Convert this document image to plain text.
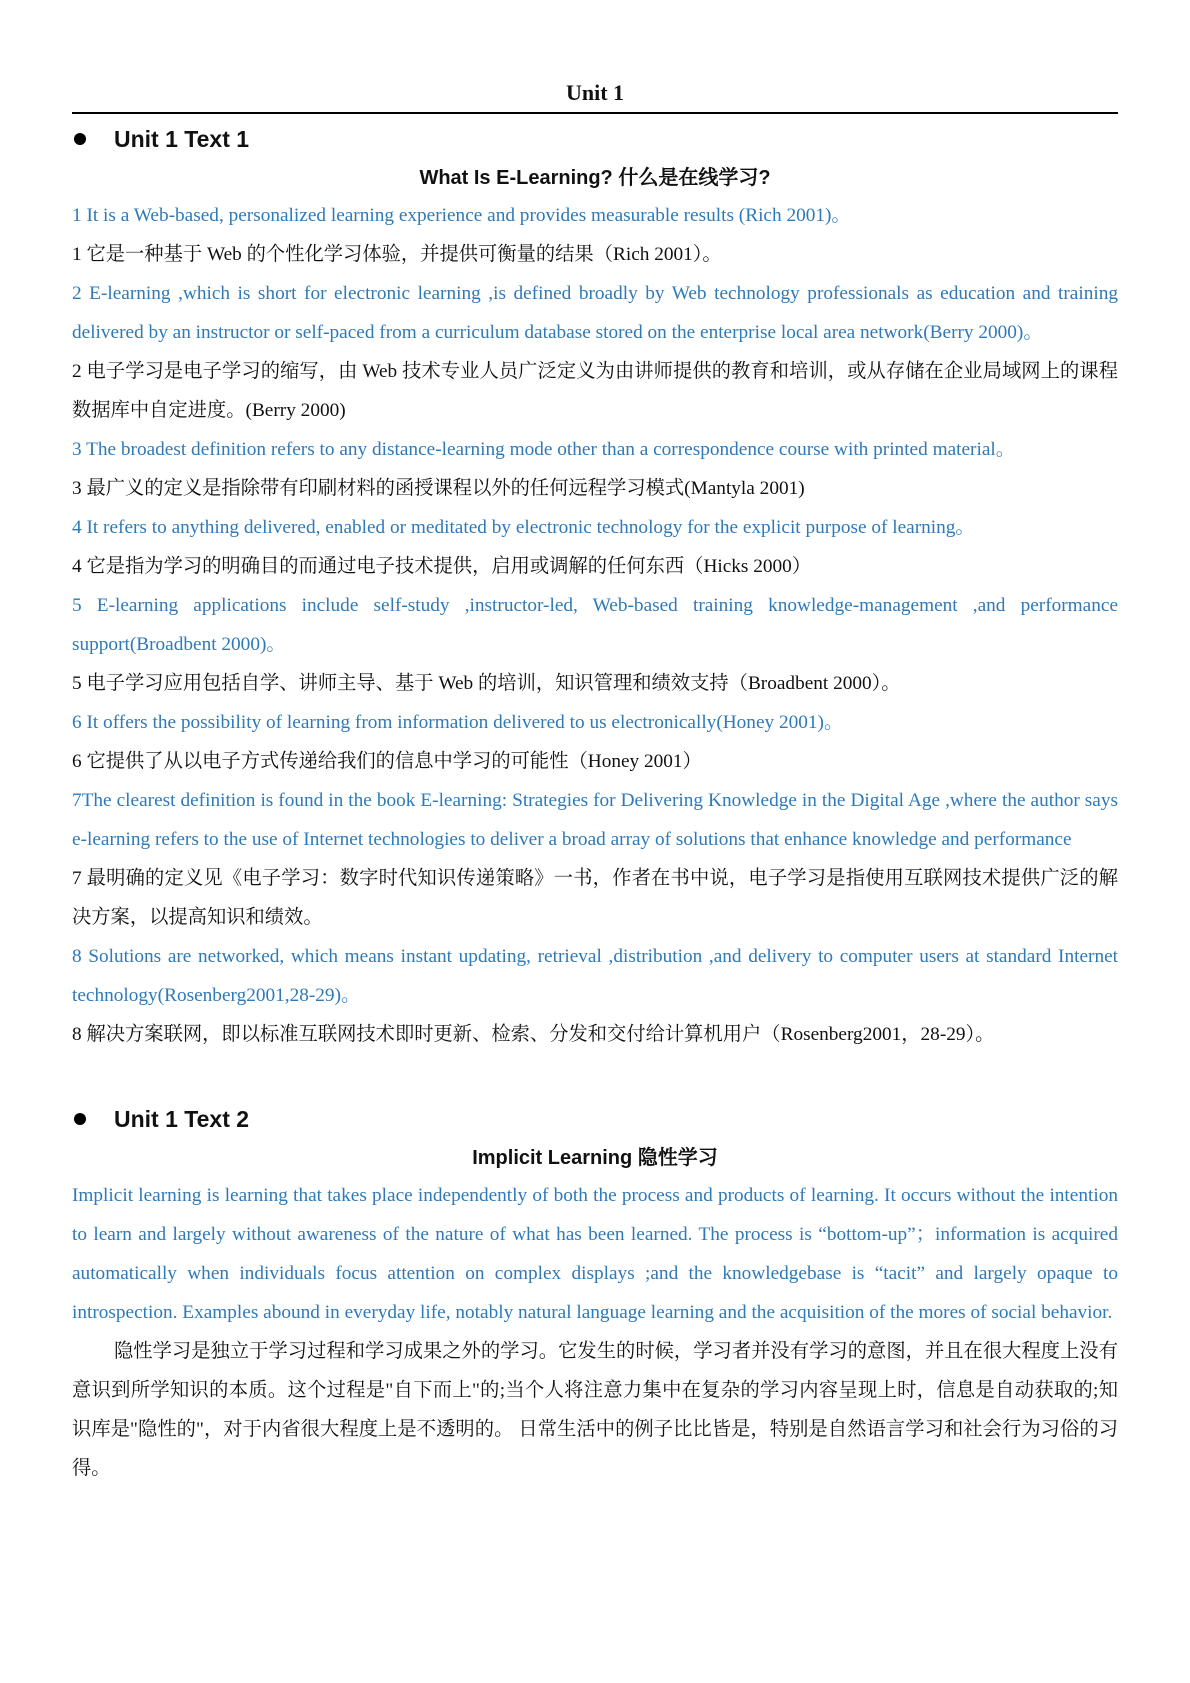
Unit 1
Unit 1 Text 1
What Is E-Learning? 什么是在线学习?

1 It is a Web-based, personalized learning experience and provides measurable results (Rich 2001)。

1 它是一种基于 Web 的个性化学习体验，并提供可衡量的结果（Rich 2001）。

2 E-learning ,which is short for electronic learning ,is defined broadly by Web technology professionals as education and training delivered by an instructor or self-paced from a curriculum database stored on the enterprise local area network(Berry 2000)。

2 电子学习是电子学习的缩写，由 Web 技术专业人员广泛定义为由讲师提供的教育和培训，或从存储在企业局域网上的课程数据库中自定进度。(Berry 2000)

3 The broadest definition refers to any distance-learning mode other than a correspondence course with printed material。

3 最广义的定义是指除带有印刷材料的函授课程以外的任何远程学习模式(Mantyla 2001)

4 It refers to anything delivered, enabled or meditated by electronic technology for the explicit purpose of learning。

4 它是指为学习的明确目的而通过电子技术提供，启用或调解的任何东西（Hicks 2000）

5 E-learning applications include self-study ,instructor-led, Web-based training knowledge-management ,and performance support(Broadbent 2000)。

5 电子学习应用包括自学、讲师主导、基于 Web 的培训，知识管理和绩效支持（Broadbent 2000）。

6 It offers the possibility of learning from information delivered to us electronically(Honey 2001)。

6 它提供了从以电子方式传递给我们的信息中学习的可能性（Honey 2001）

7The clearest definition is found in the book E-learning: Strategies for Delivering Knowledge in the Digital Age ,where the author says e-learning refers to the use of Internet technologies to deliver a broad array of solutions that enhance knowledge and performance

7 最明确的定义见《电子学习：数字时代知识传递策略》一书，作者在书中说，电子学习是指使用互联网技术提供广泛的解决方案，以提高知识和绩效。

8 Solutions are networked, which means instant updating, retrieval ,distribution ,and delivery to computer users at standard Internet technology(Rosenberg2001,28-29)。

8 解决方案联网，即以标准互联网技术即时更新、检索、分发和交付给计算机用户（Rosenberg2001，28-29）。

Unit 1 Text 2
Implicit Learning 隐性学习

Implicit learning is learning that takes place independently of both the process and products of learning. It occurs without the intention to learn and largely without awareness of the nature of what has been learned. The process is “bottom-up”；information is acquired automatically when individuals focus attention on complex displays ;and the knowledgebase is “tacit” and largely opaque to introspection. Examples abound in everyday life, notably natural language learning and the acquisition of the mores of social behavior.

隐性学习是独立于学习过程和学习成果之外的学习。它发生的时候，学习者并没有学习的意图，并且在很大程度上没有意识到所学知识的本质。这个过程是"自下而上"的;当个人将注意力集中在复杂的学习内容呈现上时，信息是自动获取的;知识库是"隐性的"，对于内省很大程度上是不透明的。 日常生活中的例子比比皆是，特别是自然语言学习和社会行为习俗的习得。
